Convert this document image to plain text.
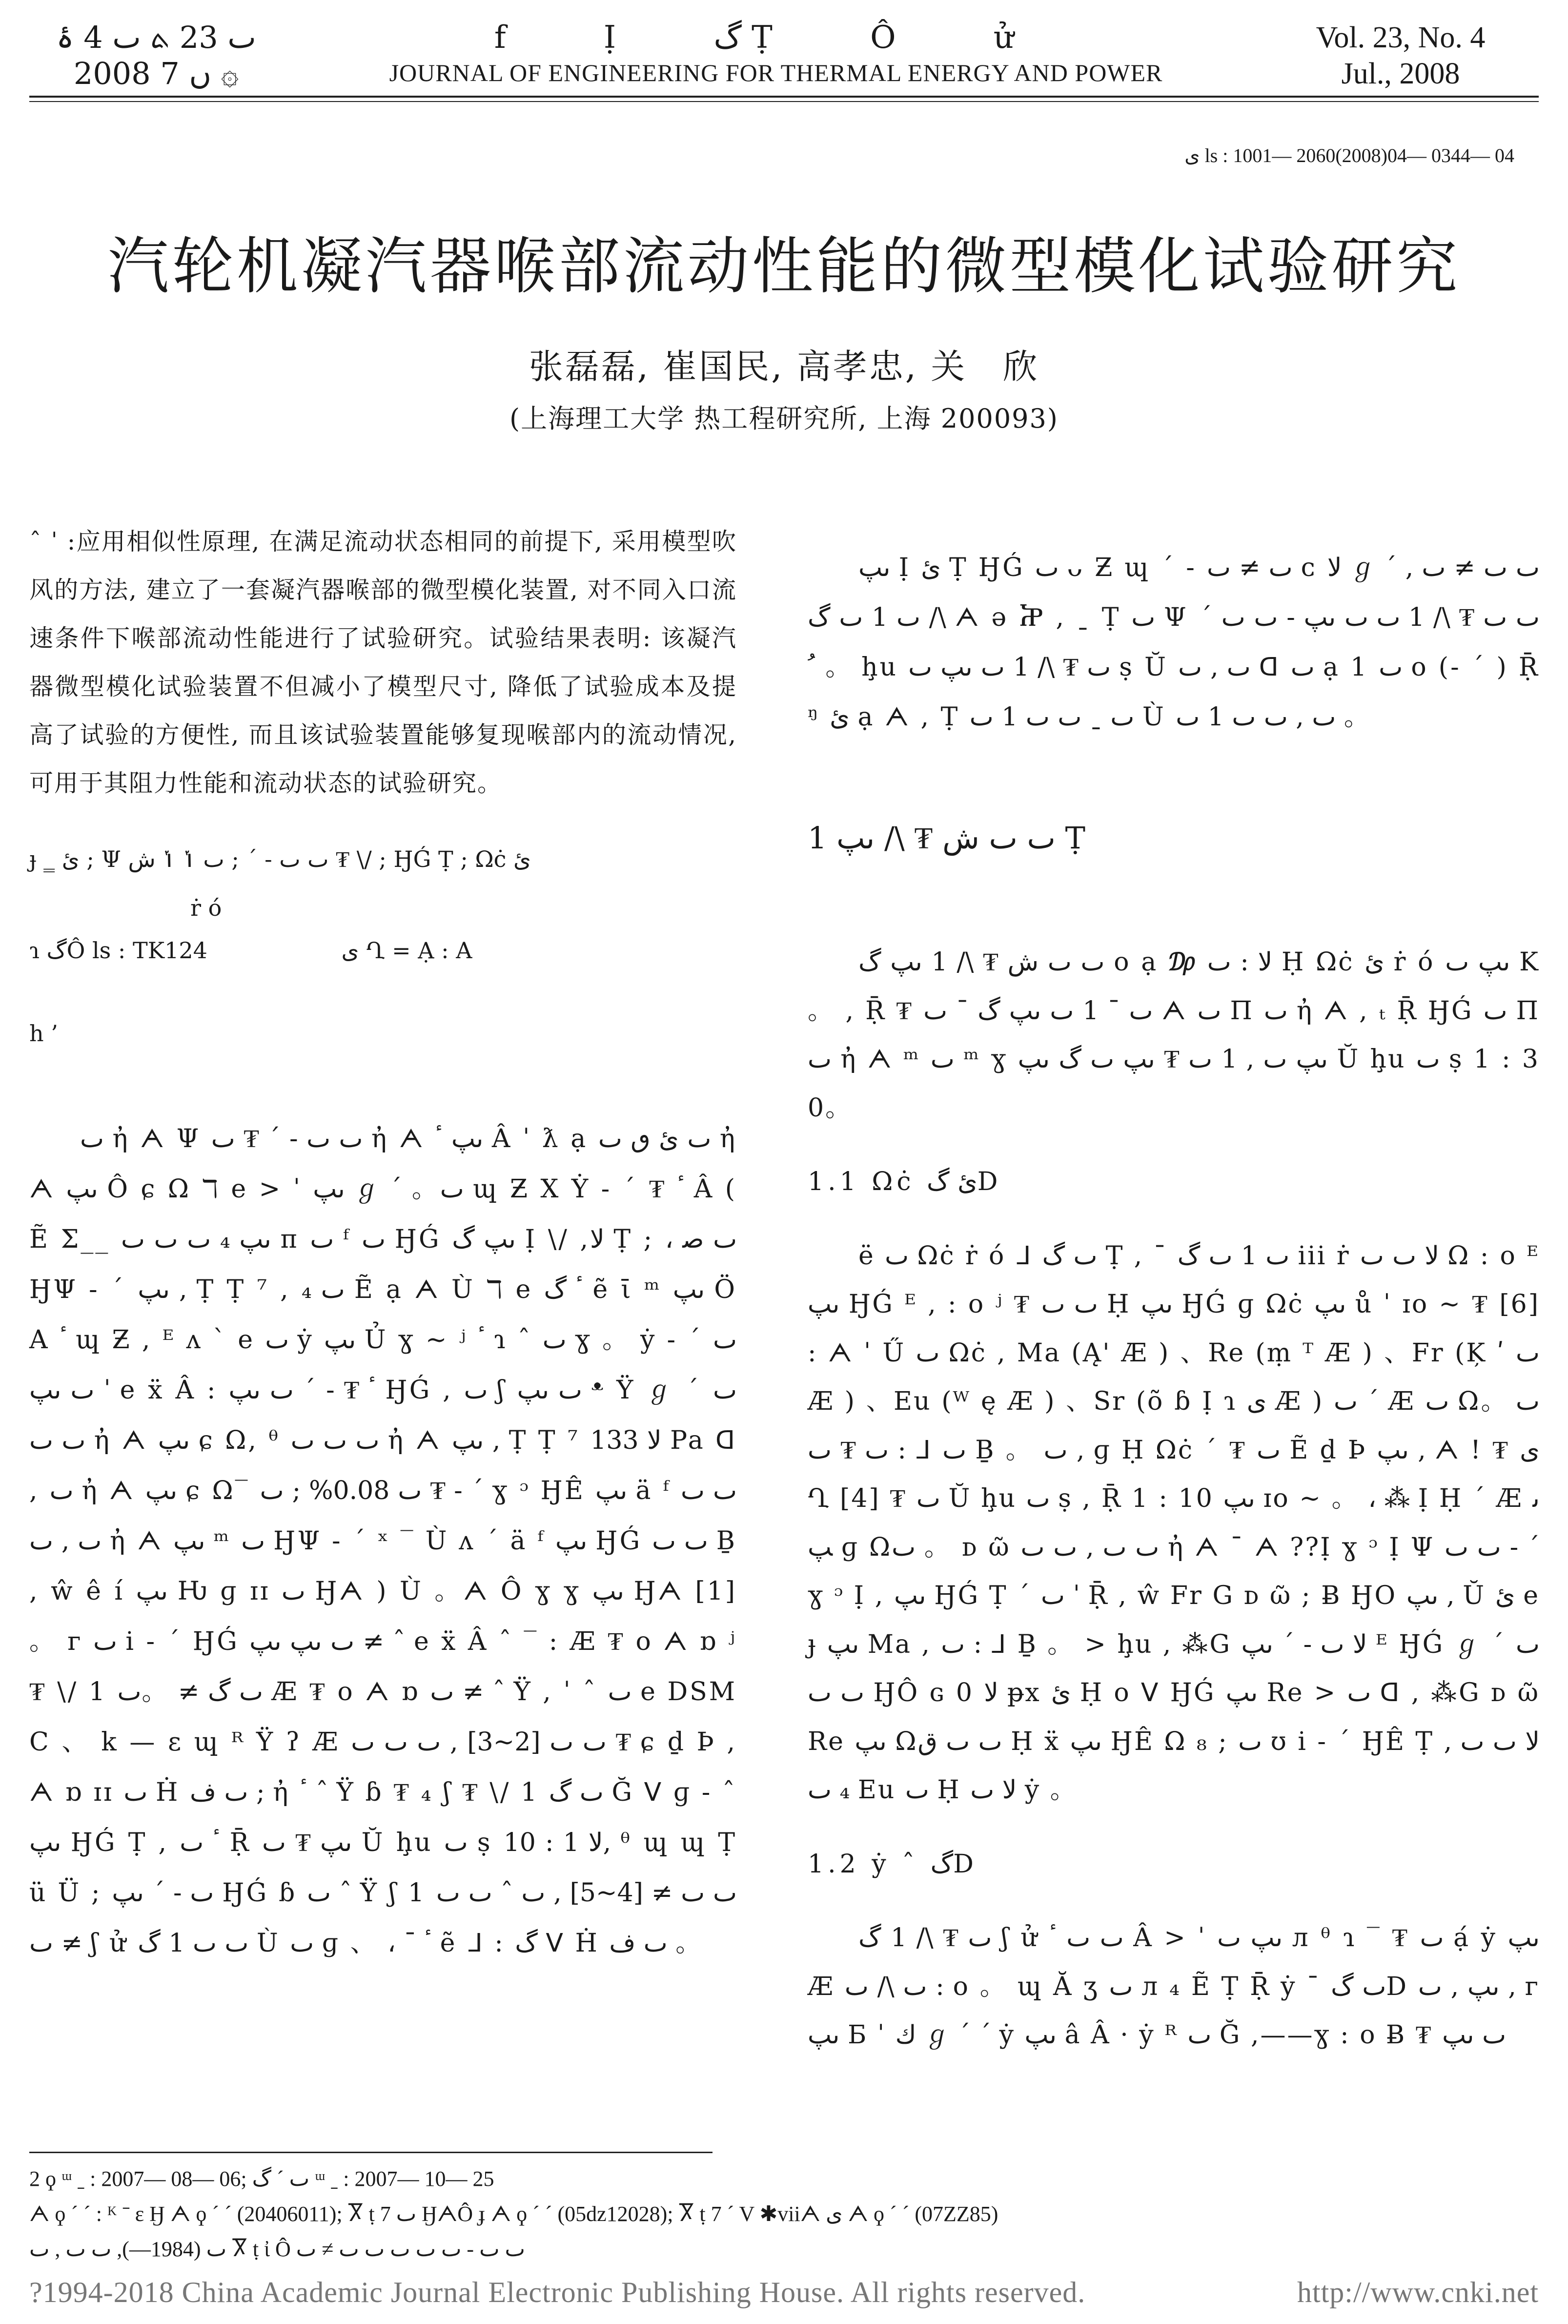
ٮ 23 ܬ ٮ 4 ۂ
2008 ں 7 ۞
f Ị گ Ṭ Ô ử
JOURNAL OF ENGINEERING FOR THERMAL ENERGY AND POWER
Vol. 23, No. 4
Jul., 2008
ى ls : 1001— 2060(2008)04— 0344— 04
汽轮机凝汽器喉部流动性能的微型模化试验研究
张磊磊, 崔国民, 高孝忠, 关　欣
(上海理工大学 热工程研究所, 上海 200093)

ˆ ˈ :应用相似性原理, 在满足流动状态相同的前提下, 采用模型吹风的方法, 建立了一套凝汽器喉部的微型模化装置, 对不同入口流速条件下喉部流动性能进行了试验研究。试验结果表明: 该凝汽器微型模化试验装置不但减小了模型尺寸, 降低了试验成本及提高了试验的方便性, 而且该试验装置能够复现喉部内的流动情况, 可用于其阻力性能和流动状态的试验研究。

ɟ ‗ ئ ; Ψ ٮ ٮ - ˊ ; ٮ ݳ ݳ ش ₮ \/ ; ӇǴ Ṭ ; Ωċ ئ
ṙ ó
ɿ گÔ ls : TK124	ى Ղ = Ạ : A
h ’

ٮ ἠ ᗅ Ψ ٮ ٮ - ˊ ₮ ٮ ἠ ᗅ ٮپ ٴ Â ˈ ƛ ạ ٮ ئ ٯ ٮ ἠ ᗅ ٮپ Ô ɕ Ω ℸ e > ˈ ٮپ ℊ ˊ 。ٮ ɰ Ƶ Χ Ẏ - ˊ ₮ ٴ Â ( Ẽ Σ__ ٮپ ₄ ٮ ٮ ٮ ᴨ ٮ ᶠ ٮ ӇǴ ٮپ گ Ị \/ ,ﻻ Ṭ ; ، ٮ ﺻ ӇΨ - ˊ ٮپ , Ṭ Ṭ ⁷ , ٮ ₄ Ẽ ạ ᗅ Ù ℸ e ٴ گ ẽ ῑ ᵐ ٮپ Ö A ٴ ɰ Ƶ , ᴱ ʌ ` e ٮ ẏ ٮپ Ủ ɣ ~ ʲ ٴ ɿ ˆ ٮ ɣ 。 ẏ - ˊ ٮ ٮ ٮپ ˈ e ẍ Â : ٴ ₮ - ˊ ٮ ٮپ ӇǴ , ٮ ʃ ٮ ٮپ ᵜ Ÿ ℊ ˊ ٮ ٮ ٮ ἠ ᗅ ٮپ ɕ Ω, ᶿ ٮ ٮ ٮ ἠ ᗅ ٮپ , Ṭ Ṭ ⁷ ﻻ 133 Pa ᗡ , ٮ ἠ ᗅ ٮپ ɕ Ω‾ ٮ 0.08% ; ٮ ₮ - ˊ ɣ ᵓ ӇÊ ٮپ ä ᶠ ٮ ٮ ٮ , ٮ ἠ ᗅ ٮپ ᵐ ٮ ӇΨ - ˊ ˣ ‾ Ù ʌ ´ ä ᶠ ٮپ ӇǴ ٮ ٮ Ḇ , ŵ ê í ٮپ Ƕ ɡ ɪɪ ٮ Ӈᗅ ) Ù 。ᗅ Ô ɣ ɣ ٮپ Ӈᗅ [1] 。 ᴦ ٮ i - ˊ ӇǴ ٮ ٮپ ٮپ ≠ ˆ e ẍ Â ˆ ‾ : Æ ₮ o ᗅ ɒ ʲ ₮ \/ 1 ٮ گ ≠ 。ٮ Æ ₮ o ᗅ ɒ ٮ ≠ ˆ Ÿ , ˈ ˆ ٮ e DSMC 、 k — ɛ ɰ ᴿ Ÿ ʔ Æ ٮ ٮ [2~3] , ٮ ٮ ٮ ₮ ɕ ḏ Þ , ᗅ ɒ ɪɪ ٮ Ḣ ٮ ف ; ἠ ٴ ˆ Ÿ ɓ ₮ ₄ ʃ ₮ \/ 1 ٮ گ Ğ ᐯ ɡ - ˆ ٮپ ӇǴ Ṭ , ٴ ٮ Ṝ ٮپ ₮ ٮ Ŭ ḩu ٮ ṣ ﻻ 1 : 10, ᶿ ɰ ɰ Ṭ ü Ü ; ٮ - ˊ ٮپ ӇǴ ɓ ٮ ˆ Ÿ ʃ 1 ٮ ٮ ≠ [4~5] , ٮ ˆ ٮ ٮ ٮ ≠ ʃ ử ٮ ٮ 1 گ Ù ٮ ɡ 、 ، ˉ ٴ ẽ ᒧ : گ ᐯ Ḣ ٮ ف 。

ٮپ Ị ئ Ṭ ӇǴ ٮ ᴗ Ƶ ɰ ˊ - ٮ ≠ ٮ ᴄ ﻻ ℊ ˊ , ٮ ٮ ≠ ٮ \/ ٮ 1 ٮ گ ᗅ ə Ⴟ , ˍ Ṭ ٮ Ψ ٮ ٮ ₮ \/ 1 ٮ ٮ ٮپ - ٮ ٮ ˊ 。 ﹸ ḩu ٮ ₮ \/ 1 ٮ ٮپ ٮ ṣ Ŭ ٮ , ٮ ᗡ ٮ ạ 1 ٮ o (- ˊ ) Ṝ ᵑ ئ ạ ᗅ , Ṭ ٮ ˍ ٮ ٮ 1 ٮ Ù ٮ , ٮ ٮ 1 ٮ 。

1 ٮ ٮ ش ₮ \/ ٮپ Ṭ

ٮ ٮ ش ₮ \/ 1 ٮپ گ o ạ ₯ ﻻ : ٮ Ḥ Ωċ ئ ṙ ó ٮپ ٮ K 。 , Ṝ ₮ ٮ ˉ 1 ٮ ٮپ گ ˉ ٮ ᗅ ٮ Π ٮ ἠ ᗅ , ₜ Ṝ ӇǴ ٮ Π ٮ ἠ ᗅ ᵐ ٮ ᵐ ɣ ٮپ ٮ , 1 ٮ ₮ ٮپ ٮ گ ٮپ Ŭ ḩu ٮ ṣ 1 : 30。

1.1 Ωċ ئ گD

ë ٮ Ωċ ṙ ó ᒧ ٮ گ Ṭ , ˉ ٮ 1 ٮ گ iii ṙ ﻻ ٮ ٮ Ω : o ᴱ ٮپ ӇǴ ᴱ , : o ʲ ₮ ٮ ٮ Ḥ ٮپ ӇǴ ɡ Ωċ ٮپ ů ˈ ɪo ~ ₮ [6] : ᗅ ˈ Ű ٮ Ωċ , Ma (Ą' Æ ) 、Re (ṃ ᵀ Æ ) 、Fr (Ķ ʹ ٮ Æ ) 、Eu (ᵂ ę Æ ) 、Sr (õ ɓ Ị ɿ ى Æ ) ٮ ˊ Æ ٮ Ωٮ 。 ٮ ₮ ٮ : ᒧ ٮ Ḇ 。 ٮ , ɡ Ḥ Ωċ ˊ ₮ ٮ Ẽ ḏ Þ ٮپ , ᗅ ! ₮ ى Ղ [4] ₮ ٮ Ŭ ḩu ٮ ṣ , Ṝ 1 : 10 ٮپ ɪo ~ 。 ، ⁂ Ị Ḥ ˊ Æ ٮپ ɡ Ωٮ 。 ᴅ ῶ ٮ ٮ , ٮ ٮ ἠ ᗅ ˉ ᗅ ??Ị ɣ ᵓ Ị Ψ ٮ ٮ - ˊ ɣ ᵓ Ị , ٮپ ӇǴ Ṭ ´ ٮ ˈ Ṝ , ŵ Fr G ᴅ ῶ ; Ƀ ӇO ٮپ , Ŭ ئ e ɟ ٮپ Ma , ٮ : ᒧ Ḇ 。 > ḩu , ⁂G ﻻ ٮ - ˊ ٮپ ᴱ ӇǴ ℊ ˊ ٮ ٮ ٮ ӇÔ ɢ 0 ﻻ ᵽx ئ Ḥ o ᐯ ӇǴ ٮپ Re > ٮ ᗡ , ⁂G ᴅ ῶ Re ٮپ Ωٮ ٮ ق Ḥ ẍ ٮپ ӇÊ Ω ₈ ; ٮ ʊ i - ˊ ӇÊ Ṭ ﻻ ٮ ٮ , ₄ ٮ Eu ٮ Ḥ ﻻ ٮ ẏ 。

1.2 ẏ ˆ گD

ٮ ₮ \/ 1 گ ʃ ử ٮ ٮ ٴ Â > ˈ ٮپ ٮ л ᶿ ɿ ‾ ₮ ٮ ạ́ ẏ ٮپ Æ ٮ \/ ٮ : o 。 ɰ Ă ʒ ٮ л ₄ Ẽ Ṭ Ṝ ẏ ˉ ٮ گD ٮپ , ٮ , ᴦ ٮپ Ƃ ˈ ك ℊ ˊ ˊ ẏ ٮپ â Â · ẏ ᴿ ٮ Ğ ,——ɣ : o Ƀ ₮ ٮ ٮپ

2 ϙ ᵚ ˍ : 2007— 08— 06; ٮ ˊ گ ᵚ ˍ : 2007— 10— 25
ᗅ ϙ ˊ ˊ : ᴷ ˉ ɛ Ӈ ᗅ ϙ ˊ ˊ (20406011); Ⴟ ṭ 7 ٮ ӇᗅÔ ɟ ᗅ ϙ ˊ ˊ (05dz12028); Ⴟ ṭ 7 ˊ V ✱viiᗅ ى ᗅ ϙ ˊ ˊ (07ZZ85)
ٮ (1984—), ٮ ٮ , ٮ Ⴟ ṭ ἰ Ô ٮ ٮ - ٮ ٮ ٮ ٮ ٮ ≠ ٮ
?1994-2018 China Academic Journal Electronic Publishing House. All rights reserved.	http://www.cnki.net
